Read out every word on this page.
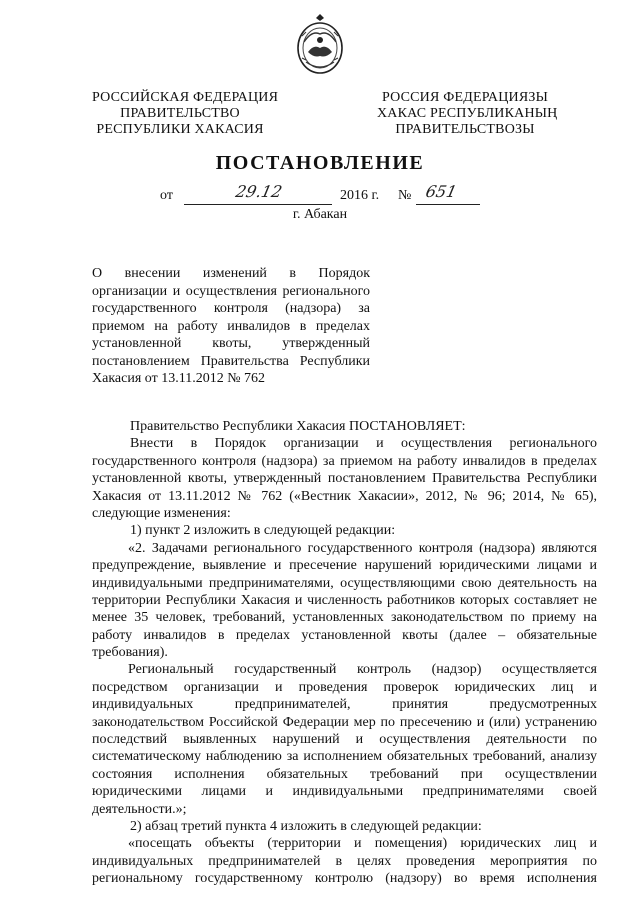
РОССИЙСКАЯ ФЕДЕРАЦИЯ
ПРАВИТЕЛЬСТВО
РЕСПУБЛИКИ ХАКАСИЯ
РОССИЯ ФЕДЕРАЦИЯЗЫ
ХАКАС РЕСПУБЛИКАНЫҢ
ПРАВИТЕЛЬСТВОЗЫ
ПОСТАНОВЛЕНИЕ
от	29.12	2016 г. № 651
г. Абакан
О внесении изменений в Порядок
организации и осуществления регионального
государственного контроля (надзора) за
приемом на работу инвалидов в пределах
установленной квоты, утвержденный
постановлением Правительства Республики
Хакасия от 13.11.2012 № 762
Правительство Республики Хакасия ПОСТАНОВЛЯЕТ:
Внести в Порядок организации и осуществления регионального
государственного контроля (надзора) за приемом на работу инвалидов в пределах
установленной квоты, утвержденный постановлением Правительства Республики
Хакасия от 13.11.2012 № 762 («Вестник Хакасии», 2012, № 96; 2014, № 65),
следующие изменения:
1) пункт 2 изложить в следующей редакции:
«2. Задачами регионального государственного контроля (надзора) являются
предупреждение, выявление и пресечение нарушений юридическими лицами и
индивидуальными предпринимателями, осуществляющими свою деятельность на
территории Республики Хакасия и численность работников которых составляет не
менее 35 человек, требований, установленных законодательством по приему на
работу инвалидов в пределах установленной квоты (далее – обязательные
требования).
Региональный государственный контроль (надзор) осуществляется
посредством организации и проведения проверок юридических лиц и
индивидуальных предпринимателей, принятия предусмотренных
законодательством Российской Федерации мер по пресечению и (или) устранению
последствий выявленных нарушений и осуществления деятельности по
систематическому наблюдению за исполнением обязательных требований, анализу
состояния исполнения обязательных требований при осуществлении
юридическими лицами и индивидуальными предпринимателями своей
деятельности.»;
2) абзац третий пункта 4 изложить в следующей редакции:
«посещать объекты (территории и помещения) юридических лиц и
индивидуальных предпринимателей в целях проведения мероприятия по
региональному государственному контролю (надзору) во время исполнения
